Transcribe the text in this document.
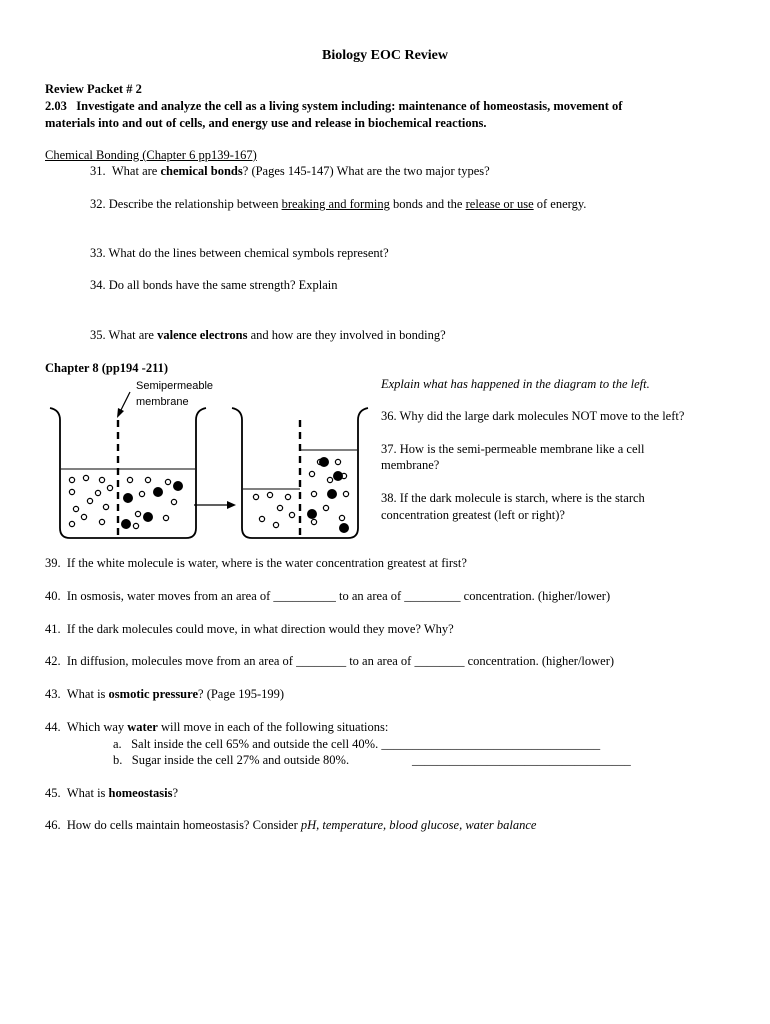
Biology EOC Review
Review Packet # 2
2.03 Investigate and analyze the cell as a living system including: maintenance of homeostasis, movement of
materials into and out of cells, and energy use and release in biochemical reactions.
Chemical Bonding (Chapter 6 pp139-167)
31. What are chemical bonds? (Pages 145-147) What are the two major types?
32. Describe the relationship between breaking and forming bonds and the release or use of energy.
33. What do the lines between chemical symbols represent?
34. Do all bonds have the same strength? Explain
35. What are valence electrons and how are they involved in bonding?
Chapter 8 (pp194 -211)
Semipermeable
membrane
Explain what has happened in the diagram to the left.
36. Why did the large dark molecules NOT move to the left?
37. How is the semi-permeable membrane like a cell
membrane?
38. If the dark molecule is starch, where is the starch
concentration greatest (left or right)?
39. If the white molecule is water, where is the water concentration greatest at first?
40. In osmosis, water moves from an area of __________ to an area of _________ concentration. (higher/lower)
41. If the dark molecules could move, in what direction would they move? Why?
42. In diffusion, molecules move from an area of ________ to an area of ________ concentration. (higher/lower)
43. What is osmotic pressure? (Page 195-199)
44. Which way water will move in each of the following situations:
a. Salt inside the cell 65% and outside the cell 40%. ___________________________________
b. Sugar inside the cell 27% and outside 80%.	___________________________________
45. What is homeostasis?
46. How do cells maintain homeostasis? Consider pH, temperature, blood glucose, water balance
